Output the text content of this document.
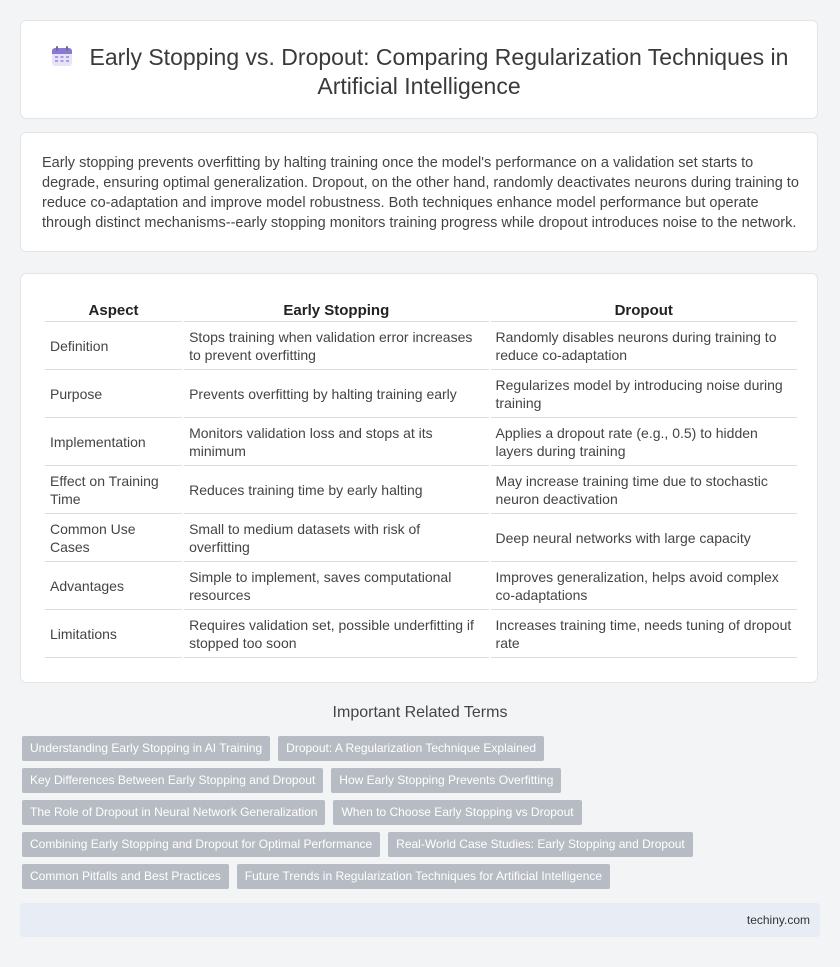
Early Stopping vs. Dropout: Comparing Regularization Techniques in Artificial Intelligence
Early stopping prevents overfitting by halting training once the model's performance on a validation set starts to degrade, ensuring optimal generalization. Dropout, on the other hand, randomly deactivates neurons during training to reduce co-adaptation and improve model robustness. Both techniques enhance model performance but operate through distinct mechanisms--early stopping monitors training progress while dropout introduces noise to the network.
Aspect	Early Stopping	Dropout
Definition	Stops training when validation error increases to prevent overfitting	Randomly disables neurons during training to reduce co-adaptation
Purpose	Prevents overfitting by halting training early	Regularizes model by introducing noise during training
Implementation	Monitors validation loss and stops at its minimum	Applies a dropout rate (e.g., 0.5) to hidden layers during training
Effect on Training Time	Reduces training time by early halting	May increase training time due to stochastic neuron deactivation
Common Use Cases	Small to medium datasets with risk of overfitting	Deep neural networks with large capacity
Advantages	Simple to implement, saves computational resources	Improves generalization, helps avoid complex co-adaptations
Limitations	Requires validation set, possible underfitting if stopped too soon	Increases training time, needs tuning of dropout rate
Important Related Terms
Understanding Early Stopping in AI Training Dropout: A Regularization Technique Explained
Key Differences Between Early Stopping and Dropout How Early Stopping Prevents Overfitting
The Role of Dropout in Neural Network Generalization When to Choose Early Stopping vs Dropout
Combining Early Stopping and Dropout for Optimal Performance Real-World Case Studies: Early Stopping and Dropout
Common Pitfalls and Best Practices Future Trends in Regularization Techniques for Artificial Intelligence
techiny.com
